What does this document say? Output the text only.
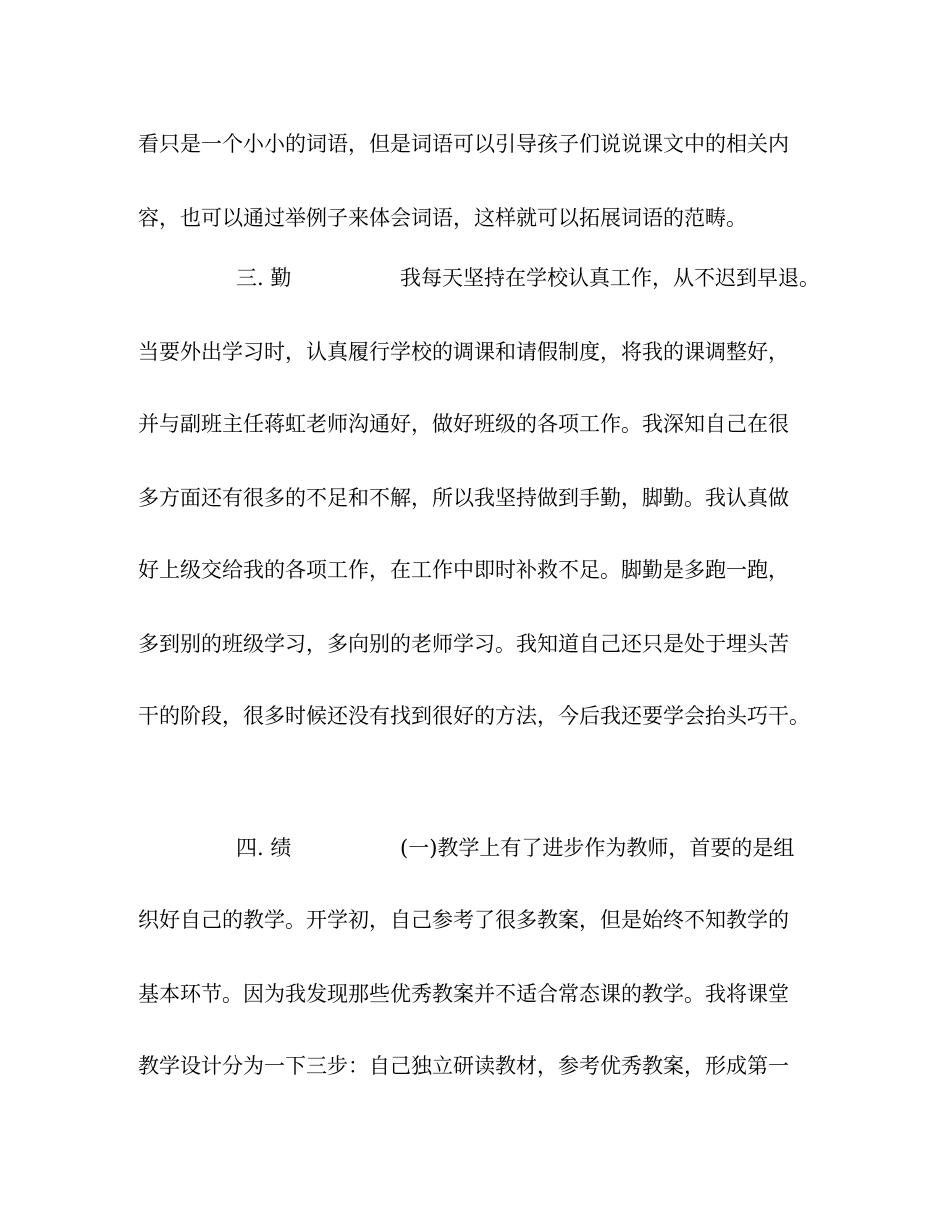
看只是一个小小的词语，但是词语可以引导孩子们说说课文中的相关内
容，也可以通过举例子来体会词语，这样就可以拓展词语的范畴。
三. 勤	我每天坚持在学校认真工作，从不迟到早退。
当要外出学习时，认真履行学校的调课和请假制度，将我的课调整好，
并与副班主任蒋虹老师沟通好，做好班级的各项工作。我深知自己在很
多方面还有很多的不足和不解，所以我坚持做到手勤，脚勤。我认真做
好上级交给我的各项工作，在工作中即时补救不足。脚勤是多跑一跑，
多到别的班级学习，多向别的老师学习。我知道自己还只是处于埋头苦
干的阶段，很多时候还没有找到很好的方法，今后我还要学会抬头巧干。
四. 绩	(一)教学上有了进步作为教师，首要的是组
织好自己的教学。开学初，自己参考了很多教案，但是始终不知教学的
基本环节。因为我发现那些优秀教案并不适合常态课的教学。我将课堂
教学设计分为一下三步：自己独立研读教材，参考优秀教案，形成第一
